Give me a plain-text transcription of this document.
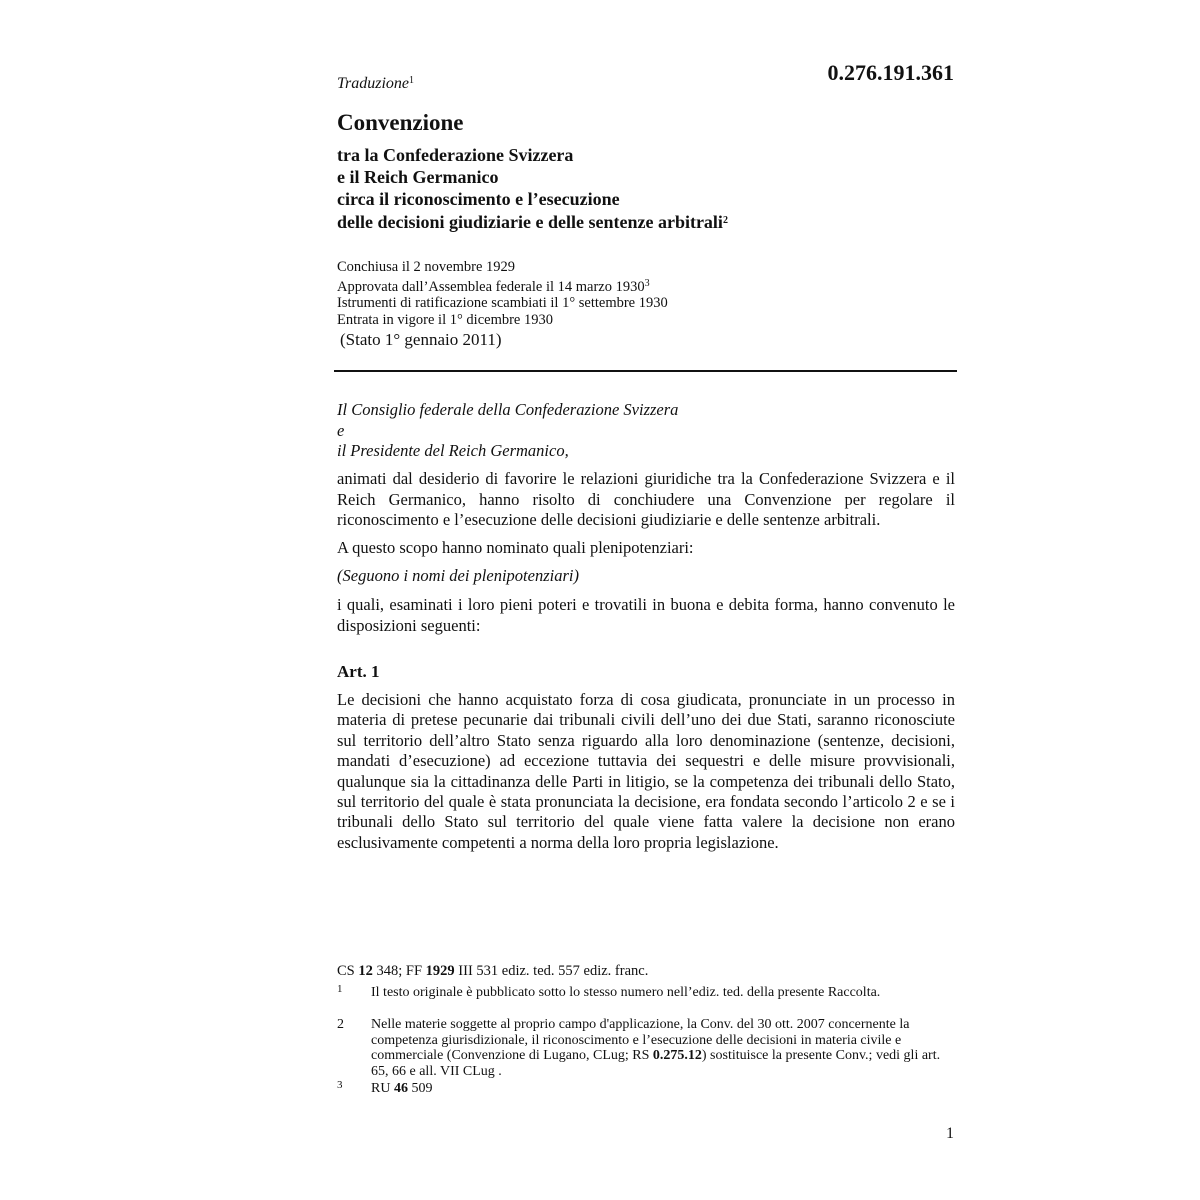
Traduzione$^1$	0.276.191.361
Convenzione
tra la Confederazione Svizzera
e il Reich Germanico
circa il riconoscimento e l’esecuzione
delle decisioni giudiziarie e delle sentenze arbitrali$^2$
Conchiusa il 2 novembre 1929
Approvata dall’Assemblea federale il 14 marzo 1930$^3$
Istrumenti di ratificazione scambiati il 1° settembre 1930
Entrata in vigore il 1° dicembre 1930
(Stato 1° gennaio 2011)
Il Consiglio federale della Confederazione Svizzera
e
il Presidente del Reich Germanico,
animati dal desiderio di favorire le relazioni giuridiche tra la Confederazione Svizzera e il Reich Germanico, hanno risolto di conchiudere una Convenzione per regolare il riconoscimento e l’esecuzione delle decisioni giudiziarie e delle sentenze arbitrali.
A questo scopo hanno nominato quali plenipotenziari:
(Seguono i nomi dei plenipotenziari)
i quali, esaminati i loro pieni poteri e trovatili in buona e debita forma, hanno convenuto le disposizioni seguenti:
Art. 1
Le decisioni che hanno acquistato forza di cosa giudicata, pronunciate in un processo in materia di pretese pecunarie dai tribunali civili dell’uno dei due Stati, saranno riconosciute sul territorio dell’altro Stato senza riguardo alla loro denominazione (sentenze, decisioni, mandati d’esecuzione) ad eccezione tuttavia dei sequestri e delle misure provvisionali, qualunque sia la cittadinanza delle Parti in litigio, se la competenza dei tribunali dello Stato, sul territorio del quale è stata pronunciata la decisione, era fondata secondo l’articolo 2 e se i tribunali dello Stato sul territorio del quale viene fatta valere la decisione non erano esclusivamente competenti a norma della loro propria legislazione.
CS 12 348; FF 1929 III 531 ediz. ted. 557 ediz. franc.
1 Il testo originale è pubblicato sotto lo stesso numero nell’ediz. ted. della presente Raccolta.
2 Nelle materie soggette al proprio campo d'applicazione, la Conv. del 30 ott. 2007 concernente la competenza giurisdizionale, il riconoscimento e l’esecuzione delle decisioni in materia civile e commerciale (Convenzione di Lugano, CLug; RS 0.275.12) sostituisce la presente Conv.; vedi gli art. 65, 66 e all. VII CLug .
3 RU 46 509
1
